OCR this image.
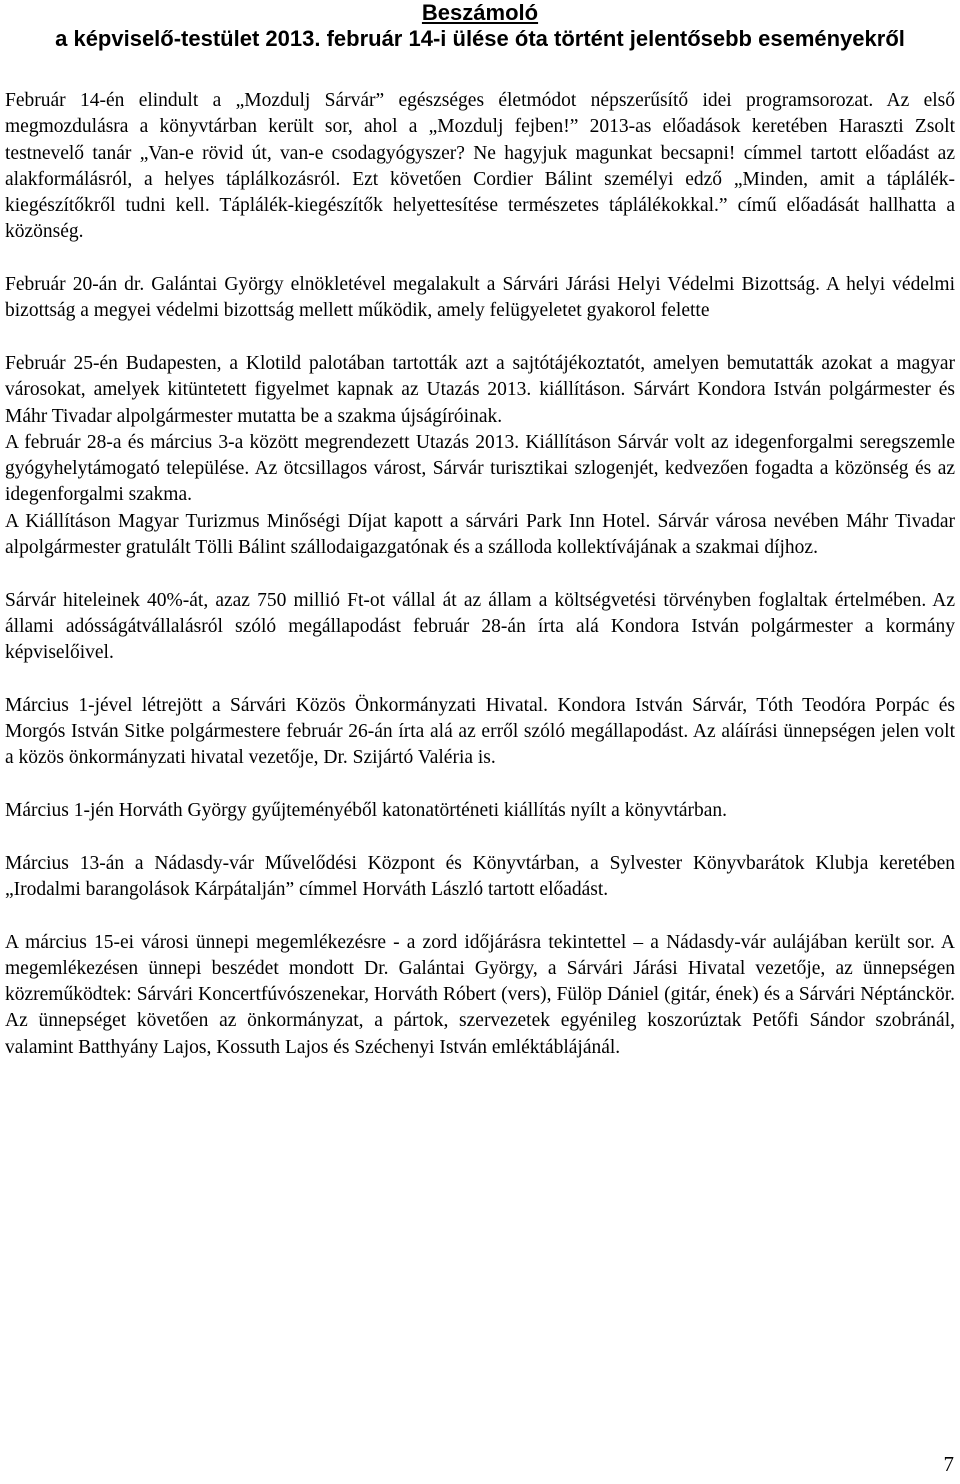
Beszámoló
a képviselő-testület 2013. február 14-i ülése óta történt jelentősebb eseményekről

Február 14-én elindult a „Mozdulj Sárvár” egészséges életmódot népszerűsítő idei programsorozat. Az első megmozdulásra a könyvtárban került sor, ahol a „Mozdulj fejben!” 2013-as előadások keretében Haraszti Zsolt testnevelő tanár „Van-e rövid út, van-e csodagyógyszer? Ne hagyjuk magunkat becsapni! címmel tartott előadást az alakformálásról, a helyes táplálkozásról. Ezt követően Cordier Bálint személyi edző „Minden, amit a táplálék-kiegészítőkről tudni kell. Táplálék-kiegészítők helyettesítése természetes táplálékokkal.” című előadását hallhatta a közönség.

Február 20-án dr. Galántai György elnökletével megalakult a Sárvári Járási Helyi Védelmi Bizottság. A helyi védelmi bizottság a megyei védelmi bizottság mellett működik, amely felügyeletet gyakorol felette

Február 25-én Budapesten, a Klotild palotában tartották azt a sajtótájékoztatót, amelyen bemutatták azokat a magyar városokat, amelyek kitüntetett figyelmet kapnak az Utazás 2013. kiállításon. Sárvárt Kondora István polgármester és Máhr Tivadar alpolgármester mutatta be a szakma újságíróinak.

A február 28-a és március 3-a között megrendezett Utazás 2013. Kiállításon Sárvár volt az idegenforgalmi seregszemle gyógyhelytámogató települése. Az ötcsillagos várost, Sárvár turisztikai szlogenjét, kedvezően fogadta a közönség és az idegenforgalmi szakma.

A Kiállításon Magyar Turizmus Minőségi Díjat kapott a sárvári Park Inn Hotel. Sárvár városa nevében Máhr Tivadar alpolgármester gratulált Tölli Bálint szállodaigazgatónak és a szálloda kollektívájának a szakmai díjhoz.

Sárvár hiteleinek 40%-át, azaz 750 millió Ft-ot vállal át az állam a költségvetési törvényben foglaltak értelmében. Az állami adósságátvállalásról szóló megállapodást február 28-án írta alá Kondora István polgármester a kormány képviselőivel.

Március 1-jével létrejött a Sárvári Közös Önkormányzati Hivatal. Kondora István Sárvár, Tóth Teodóra Porpác és Morgós István Sitke polgármestere február 26-án írta alá az erről szóló megállapodást. Az aláírási ünnepségen jelen volt a közös önkormányzati hivatal vezetője, Dr. Szijártó Valéria is.

Március 1-jén Horváth György gyűjteményéből katonatörténeti kiállítás nyílt a könyvtárban.

Március 13-án a Nádasdy-vár Művelődési Központ és Könyvtárban, a Sylvester Könyvbarátok Klubja keretében „Irodalmi barangolások Kárpátalján” címmel Horváth László tartott előadást.

A március 15-ei városi ünnepi megemlékezésre - a zord időjárásra tekintettel – a Nádasdy-vár aulájában került sor. A megemlékezésen ünnepi beszédet mondott Dr. Galántai György, a Sárvári Járási Hivatal vezetője, az ünnepségen közreműködtek: Sárvári Koncertfúvószenekar, Horváth Róbert (vers), Fülöp Dániel (gitár, ének) és a Sárvári Néptánckör. Az ünnepséget követően az önkormányzat, a pártok, szervezetek egyénileg koszorúztak Petőfi Sándor szobránál, valamint Batthyány Lajos, Kossuth Lajos és Széchenyi István emléktáblájánál.

7
